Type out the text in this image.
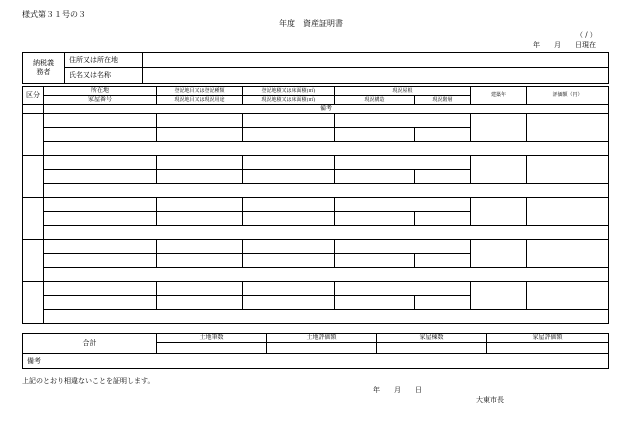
様式第３１号の３
年度　資産証明書
（ / ）
年　　月　　日現在
納税義務者	住所又は所在地	
	氏名又は名称	
区分	所在地	登記地目又は登記種類	登記地積又は床面積(㎡)	現況屋根		建築年	評価額（円）
	家屋番号	現況地目又は現況用途	現況地積又は床面積(㎡)	現況構造	現況階層		
	備考						

合計	土地筆数	土地評価額	家屋棟数	家屋評価額

備考
上記のとおり相違ないことを証明します。
年　　月　　日
大東市長
